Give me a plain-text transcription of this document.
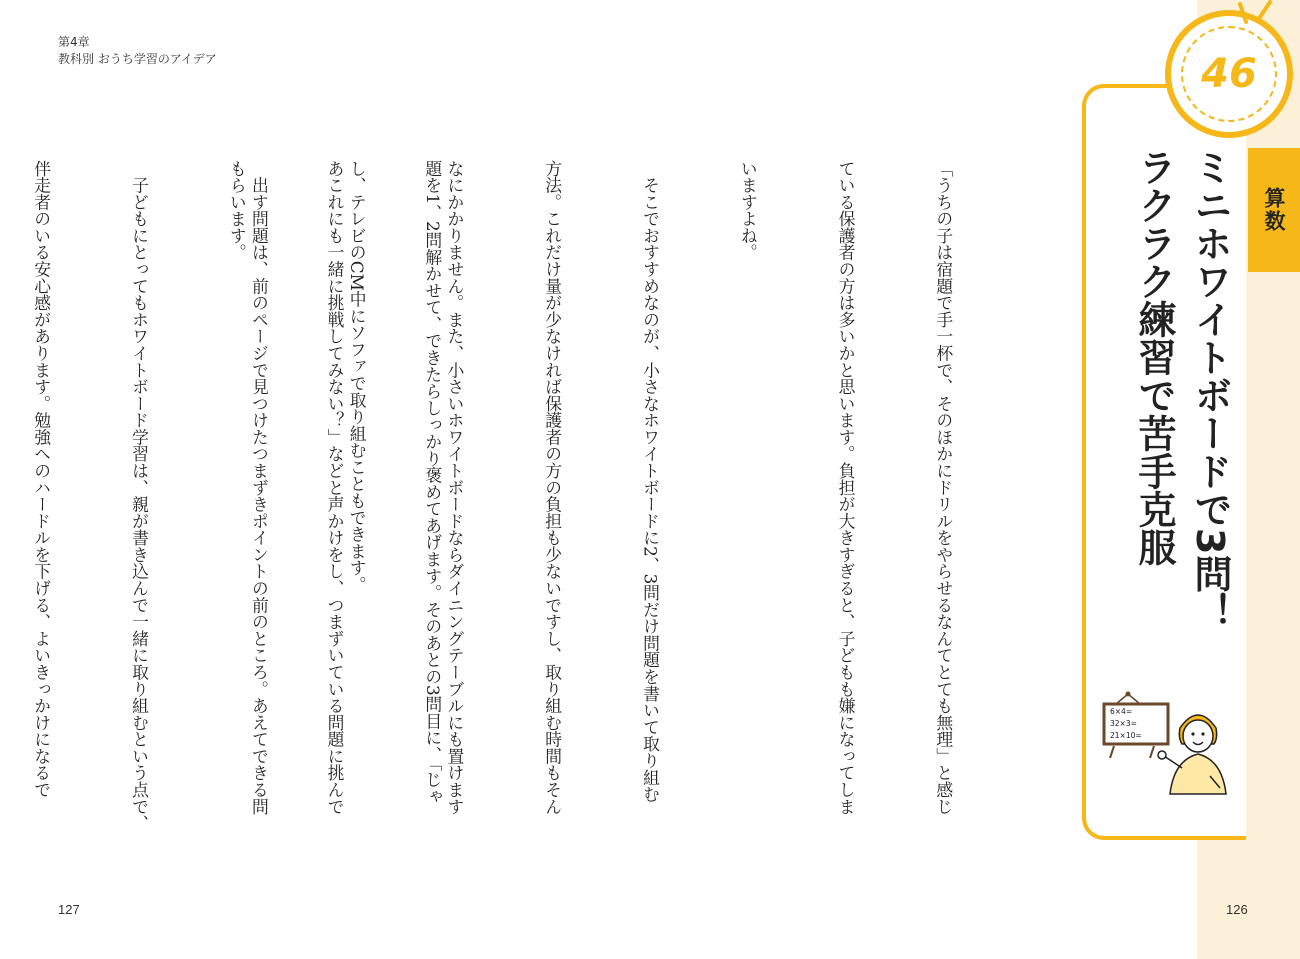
第4章
教科別 おうち学習のアイデア

題を1、2問解かせて、できたらしっかり褒めてあげます。そのあとの3問目に、「じゃ

あこれにも一緒に挑戦してみない？」などと声かけをし、つまずいている問題に挑んで

もらいます。

　子どもにとってもホワイトボード学習は、親が書き込んで一緒に取り組むという点で、

伴走者のいる安心感があります。勉強へのハードルを下げる、よいきっかけになるで

	「うちの子は宿題で手一杯で、そのほかにドリルをやらせるなんてとても無理」と感じ

ている保護者の方は多いかと思います。負担が大きすぎると、子どもも嫌になってしま

いますよね。

　そこでおすすめなのが、小さなホワイトボードに2、3問だけ問題を書いて取り組む

方法。これだけ量が少なければ保護者の方の負担も少ないですし、取り組む時間もそん

なにかかりません。また、小さいホワイトボードならダイニングテーブルにも置けます

し、テレビのCM中にソファで取り組むこともできます。

　出す問題は、前のページで見つけたつまずきポイントの前のところ。あえてできる問	算数
ミニホワイトボードで3問！
ラクラク練習で苦手克服
46
6×4=
32×3=
21×10=
127	126
